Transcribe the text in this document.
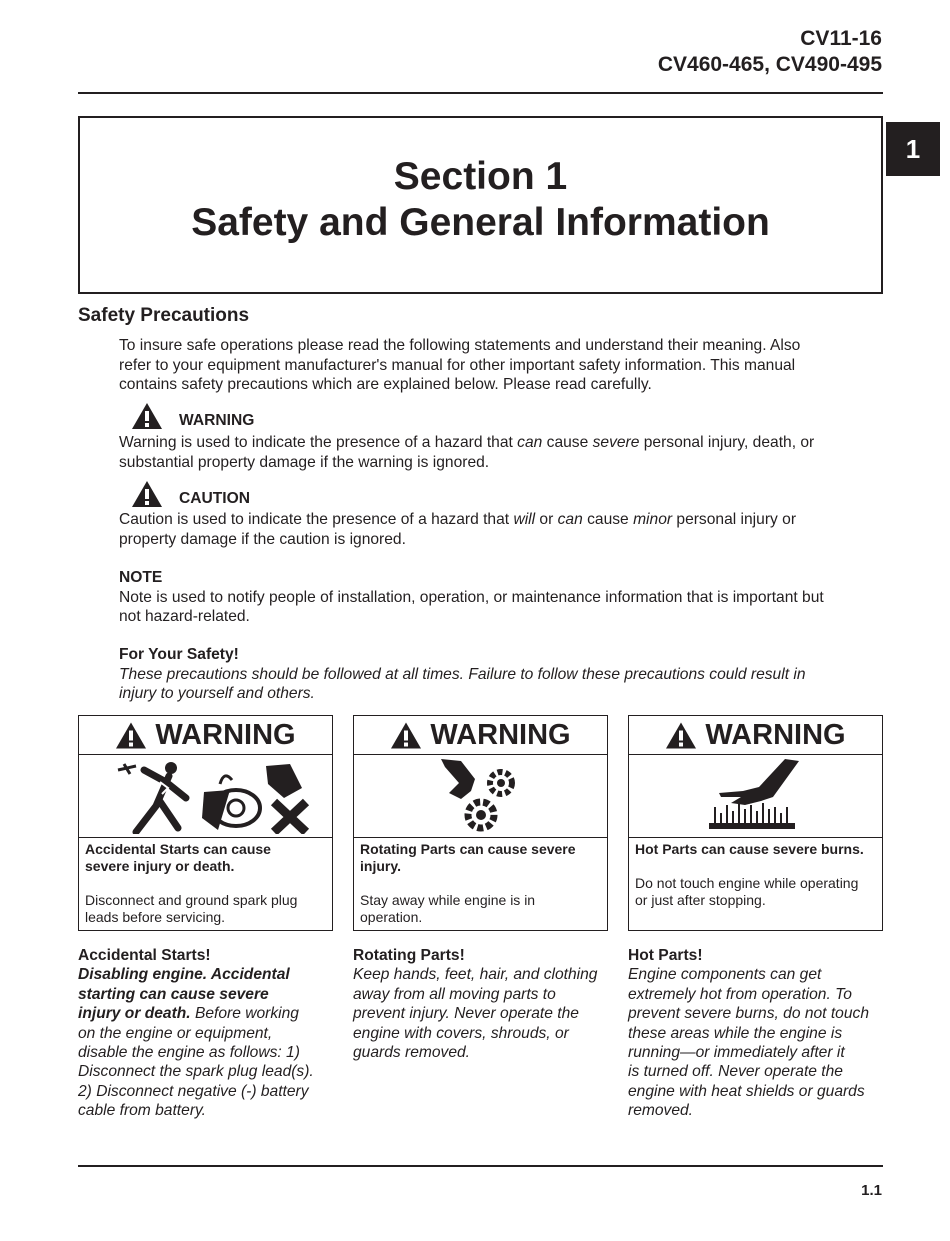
CV11-16
CV460-465, CV490-495
1
Section 1
Safety and General Information
Safety Precautions
To insure safe operations please read the following statements and understand their meaning. Also
refer to your equipment manufacturer's manual for other important safety information. This manual
contains safety precautions which are explained below. Please read carefully.
WARNING
Warning is used to indicate the presence of a hazard that can cause severe personal injury, death, or
substantial property damage if the warning is ignored.
CAUTION
Caution is used to indicate the presence of a hazard that will or can cause minor personal injury or
property damage if the caution is ignored.
NOTE
Note is used to notify people of installation, operation, or maintenance information that is important but
not hazard-related.
For Your Safety!
These precautions should be followed at all times. Failure to follow these precautions could result in
injury to yourself and others.
WARNING
Accidental Starts can cause
severe injury or death.
Disconnect and ground spark plug
leads before servicing.
WARNING
Rotating Parts can cause severe
injury.
Stay away while engine is in
operation.
WARNING
Hot Parts can cause severe burns.
Do not touch engine while operating
or just after stopping.
Accidental Starts!
Disabling engine. Accidental
starting can cause severe
injury or death. Before working
on the engine or equipment,
disable the engine as follows: 1)
Disconnect the spark plug lead(s).
2) Disconnect negative (-) battery
cable from battery.
Rotating Parts!
Keep hands, feet, hair, and clothing
away from all moving parts to
prevent injury. Never operate the
engine with covers, shrouds, or
guards removed.
Hot Parts!
Engine components can get
extremely hot from operation. To
prevent severe burns, do not touch
these areas while the engine is
running—or immediately after it
is turned off. Never operate the
engine with heat shields or guards
removed.
1.1
